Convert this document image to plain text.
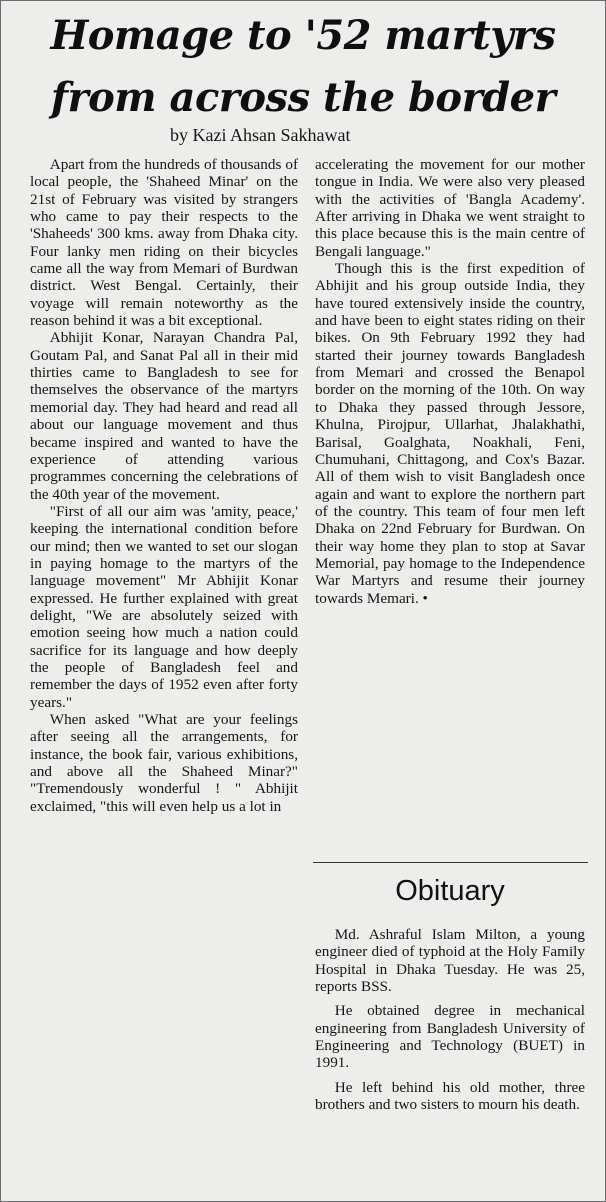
Homage to '52 martyrs
from across the border
by Kazi Ahsan Sakhawat

Apart from the hundreds of thousands of local people, the 'Shaheed Minar' on the 21st of February was visited by strangers who came to pay their respects to the 'Shaheeds' 300 kms. away from Dhaka city. Four lanky men riding on their bicycles came all the way from Memari of Burdwan district. West Bengal. Certainly, their voyage will remain noteworthy as the reason behind it was a bit exceptional.

Abhijit Konar, Narayan Chandra Pal, Goutam Pal, and Sanat Pal all in their mid thirties came to Bangladesh to see for themselves the observance of the martyrs memorial day. They had heard and read all about our language movement and thus became inspired and wanted to have the experience of attending various programmes concerning the celebrations of the 40th year of the movement.

"First of all our aim was 'amity, peace,' keeping the international condition before our mind; then we wanted to set our slogan in paying homage to the martyrs of the language movement" Mr Abhijit Konar expressed. He further explained with great delight, "We are absolutely seized with emotion seeing how much a nation could sacrifice for its language and how deeply the people of Bangladesh feel and remember the days of 1952 even after forty years."

When asked "What are your feelings after seeing all the arrangements, for instance, the book fair, various exhibitions, and above all the Shaheed Minar?" "Tremendously wonderful ! " Abhijit exclaimed, "this will even help us a lot in

accelerating the movement for our mother tongue in India. We were also very pleased with the activities of 'Bangla Academy'. After arriving in Dhaka we went straight to this place because this is the main centre of Bengali language."

Though this is the first expedition of Abhijit and his group outside India, they have toured extensively inside the country, and have been to eight states riding on their bikes. On 9th February 1992 they had started their journey towards Bangladesh from Memari and crossed the Benapol border on the morning of the 10th. On way to Dhaka they passed through Jessore, Khulna, Pirojpur, Ullarhat, Jhalakhathi, Barisal, Goalghata, Noakhali, Feni, Chumuhani, Chittagong, and Cox's Bazar. All of them wish to visit Bangladesh once again and want to explore the northern part of the country. This team of four men left Dhaka on 22nd February for Burdwan. On their way home they plan to stop at Savar Memorial, pay homage to the Independence War Martyrs and resume their journey towards Memari. •

Obituary

Md. Ashraful Islam Milton, a young engineer died of typhoid at the Holy Family Hospital in Dhaka Tuesday. He was 25, reports BSS.

He obtained degree in mechanical engineering from Bangladesh University of Engineering and Technology (BUET) in 1991.

He left behind his old mother, three brothers and two sisters to mourn his death.
